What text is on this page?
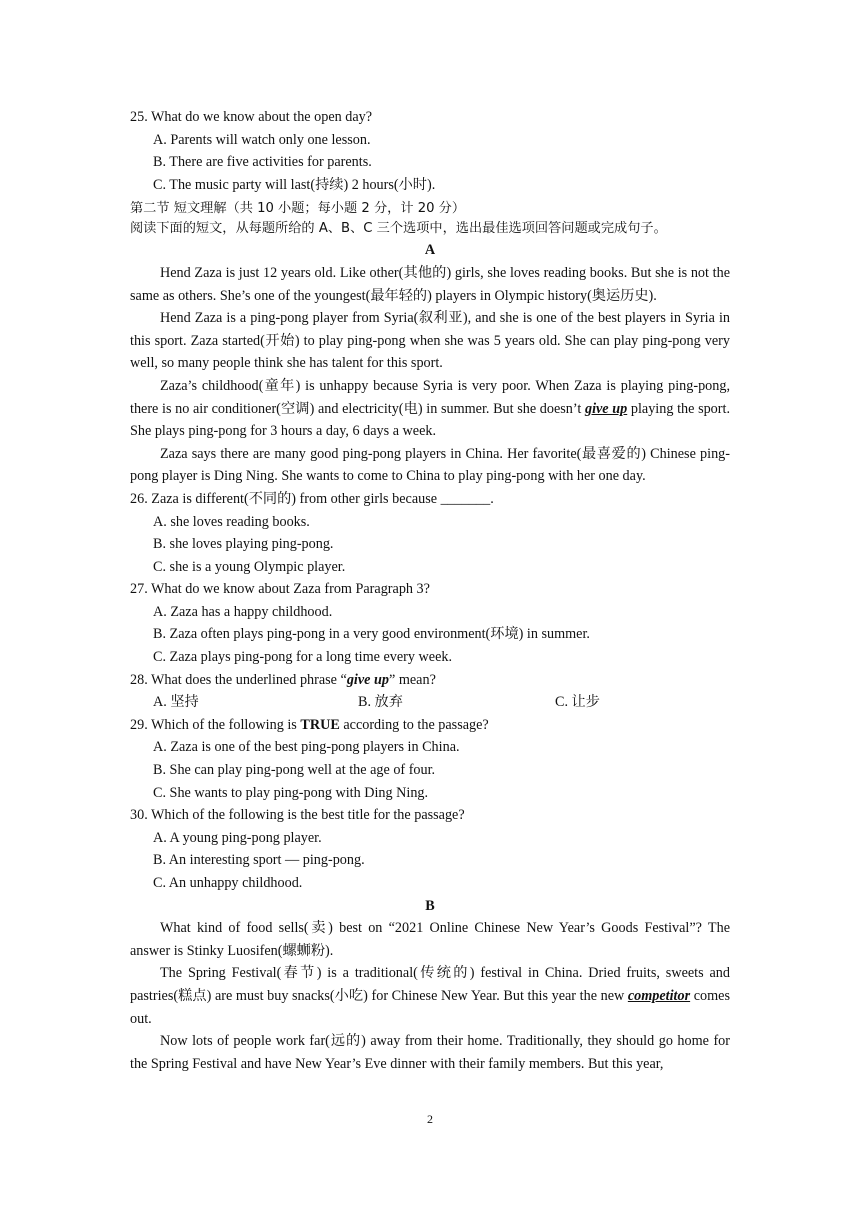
25. What do we know about the open day?
A. Parents will watch only one lesson.
B. There are five activities for parents.
C. The music party will last(持续) 2 hours(小时).
第二节 短文理解（共 10 小题；每小题 2 分，计 20 分）
阅读下面的短文，从每题所给的 A、B、C 三个选项中，选出最佳选项回答问题或完成句子。
A
Hend Zaza is just 12 years old. Like other(其他的) girls, she loves reading books. But she is not the same as others. She’s one of the youngest(最年轻的) players in Olympic history(奥运历史).
Hend Zaza is a ping-pong player from Syria(叙利亚), and she is one of the best players in Syria in this sport. Zaza started(开始) to play ping-pong when she was 5 years old. She can play ping-pong very well, so many people think she has talent for this sport.
Zaza’s childhood(童年) is unhappy because Syria is very poor. When Zaza is playing ping-pong, there is no air conditioner(空调) and electricity(电) in summer. But she doesn’t give up playing the sport. She plays ping-pong for 3 hours a day, 6 days a week.
Zaza says there are many good ping-pong players in China. Her favorite(最喜爱的) Chinese ping-pong player is Ding Ning. She wants to come to China to play ping-pong with her one day.
26. Zaza is different(不同的) from other girls because _______.
A. she loves reading books.
B. she loves playing ping-pong.
C. she is a young Olympic player.
27. What do we know about Zaza from Paragraph 3?
A. Zaza has a happy childhood.
B. Zaza often plays ping-pong in a very good environment(环境) in summer.
C. Zaza plays ping-pong for a long time every week.
28. What does the underlined phrase “give up” mean?
A. 坚持	B. 放弃	C. 让步
29. Which of the following is TRUE according to the passage?
A. Zaza is one of the best ping-pong players in China.
B. She can play ping-pong well at the age of four.
C. She wants to play ping-pong with Ding Ning.
30. Which of the following is the best title for the passage?
A. A young ping-pong player.
B. An interesting sport — ping-pong.
C. An unhappy childhood.
B
What kind of food sells(卖) best on “2021 Online Chinese New Year’s Goods Festival”? The answer is Stinky Luosifen(螺蛳粉).
The Spring Festival(春节) is a traditional(传统的) festival in China. Dried fruits, sweets and pastries(糕点) are must buy snacks(小吃) for Chinese New Year. But this year the new competitor comes out.
Now lots of people work far(远的) away from their home. Traditionally, they should go home for the Spring Festival and have New Year’s Eve dinner with their family members. But this year,
2
